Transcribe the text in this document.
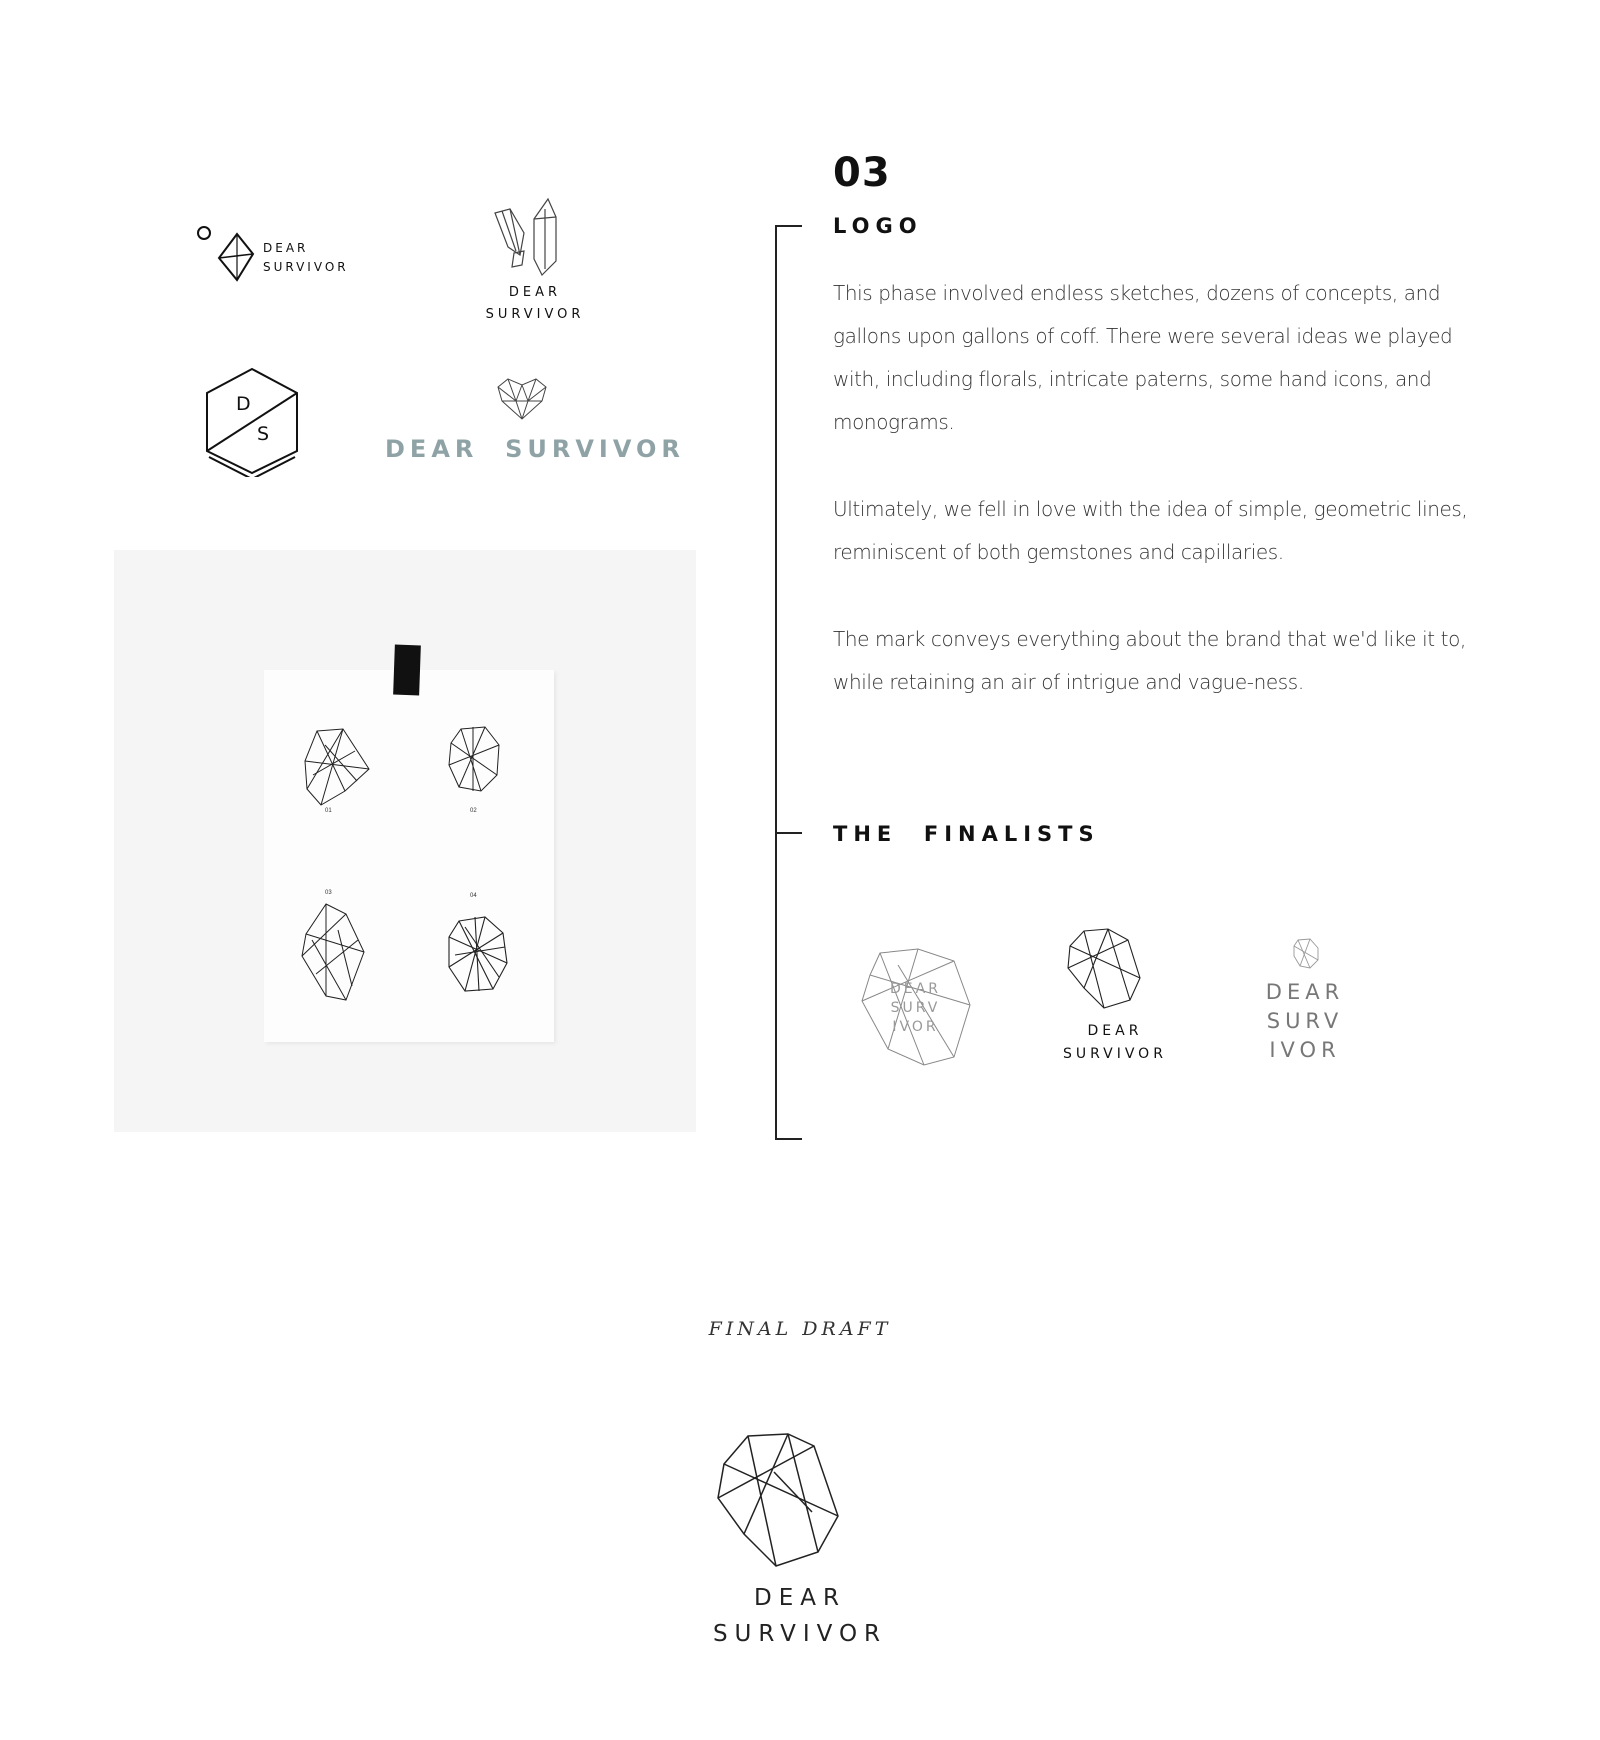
DEAR
SURVIVOR
DEAR
SURVIVOR
D
S
DEAR  SURVIVOR
01	02
03	04
03
LOGO

This phase involved endless sketches, dozens of concepts, and gallons upon gallons of coff. There were several ideas we played with, including florals, intricate paterns, some hand icons, and monograms.

Ultimately, we fell in love with the idea of simple, geometric lines, reminiscent of both gemstones and capillaries.

The mark conveys everything about the brand that we'd like it to, while retaining an air of intrigue and vague-ness.

THE  FINALISTS
DEAR
SURV
IVOR	DEAR
SURVIVOR
DEAR
SURV
IVOR
FINAL DRAFT
DEAR
SURVIVOR
